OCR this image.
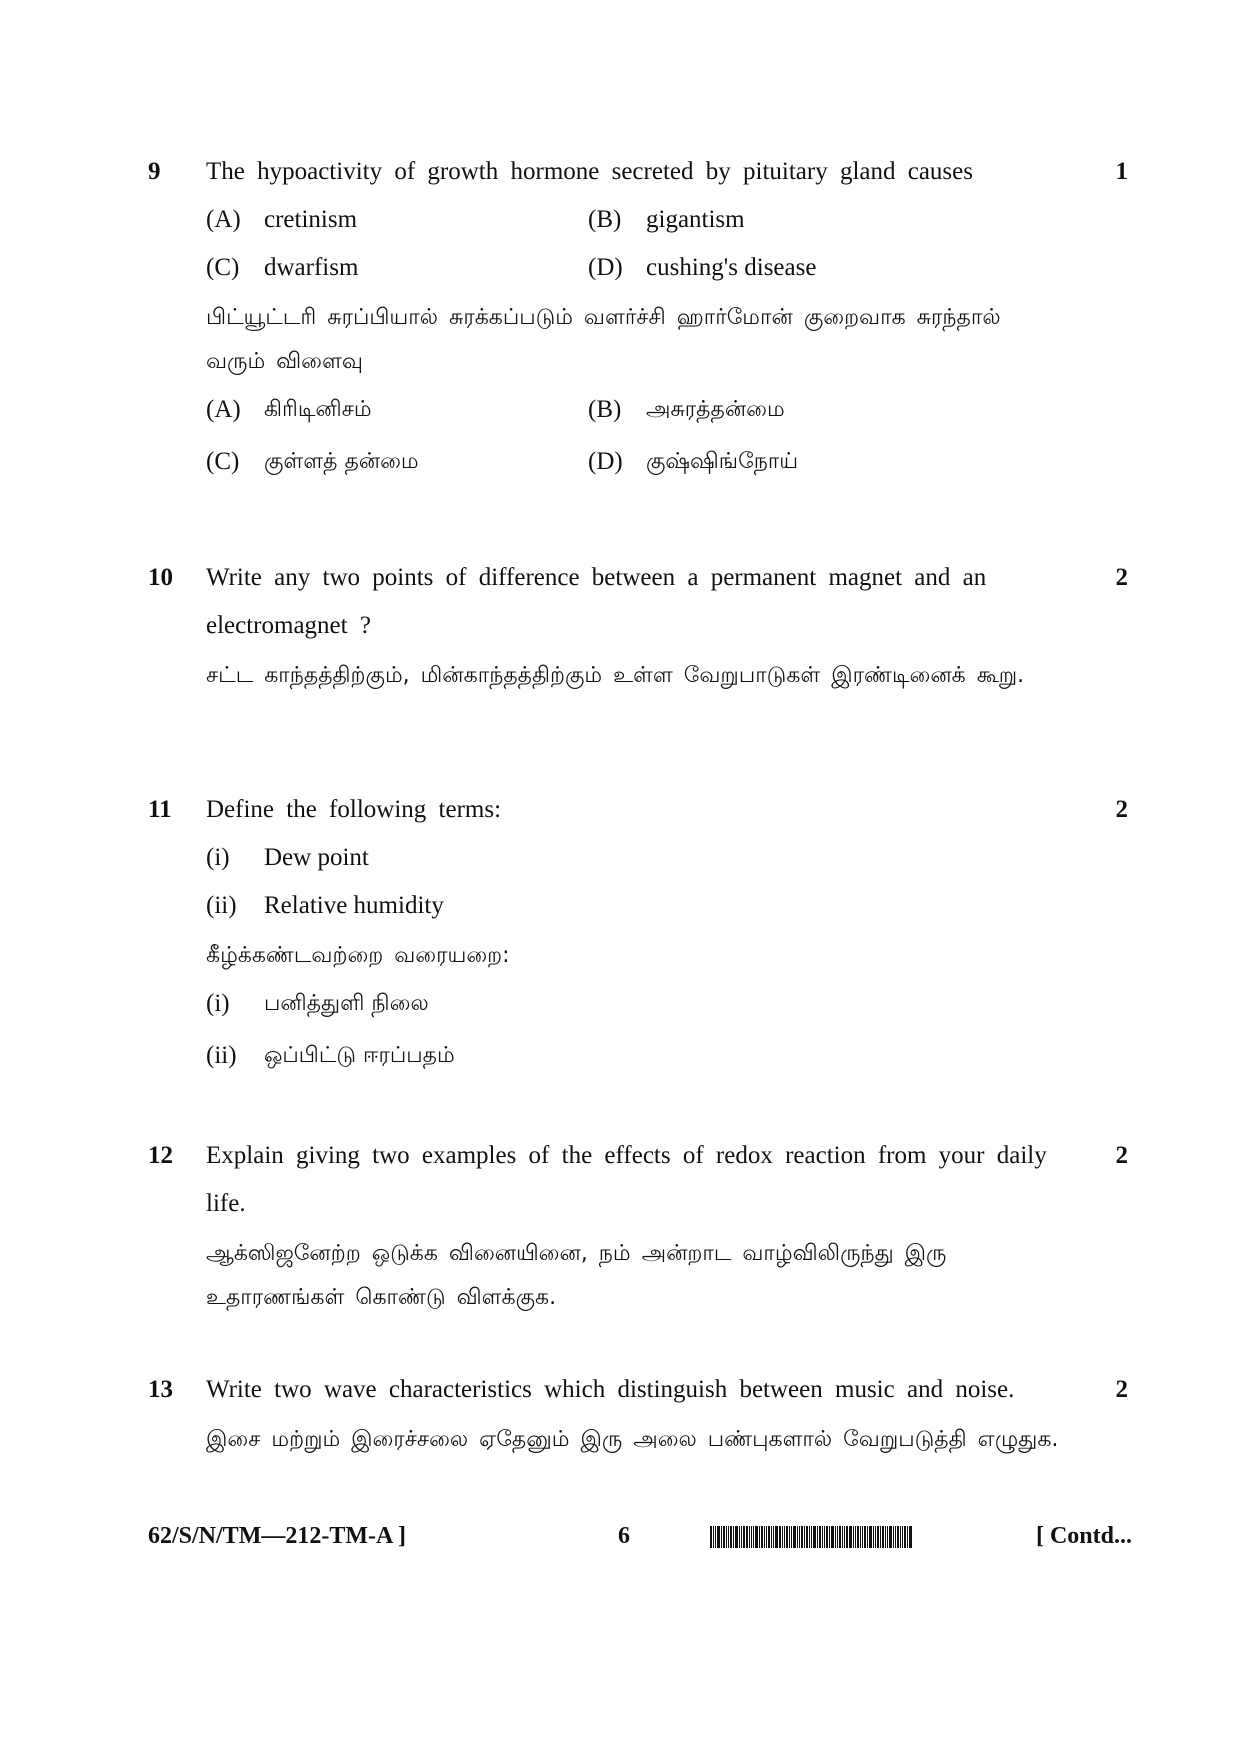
9	1

The hypoactivity of growth hormone secreted by pituitary gland causes

(A) cretinism	(B) gigantism
(C) dwarfism	(D) cushing's disease

பிட்யூட்டரி சுரப்பியால் சுரக்கப்படும் வளர்ச்சி ஹார்மோன் குறைவாக சுரந்தால் வரும் விளைவு

(A)	கிரிடினிசம்	(B)	அசுரத்தன்மை
(C)	குள்ளத் தன்மை	(D)	குஷ்ஷிங்நோய்
10	2

Write any two points of difference between a permanent magnet and an electromagnet ?

சட்ட காந்தத்திற்கும், மின்காந்தத்திற்கும் உள்ள வேறுபாடுகள் இரண்டினைக் கூறு.

11	2

Define the following terms:

(i)	Dew point
(ii)	Relative humidity

கீழ்க்கண்டவற்றை வரையறை:

(i)	பனித்துளி நிலை
(ii)	ஒப்பிட்டு ஈரப்பதம்
12	2

Explain giving two examples of the effects of redox reaction from your daily life.

ஆக்ஸிஜனேற்ற ஒடுக்க வினையினை, நம் அன்றாட வாழ்விலிருந்து இரு உதாரணங்கள் கொண்டு விளக்குக.

13	2

Write two wave characteristics which distinguish between music and noise.

இசை மற்றும் இரைச்சலை ஏதேனும் இரு அலை பண்புகளால் வேறுபடுத்தி எழுதுக.

62/S/N/TM—212-TM-A ]	6	[ Contd...
